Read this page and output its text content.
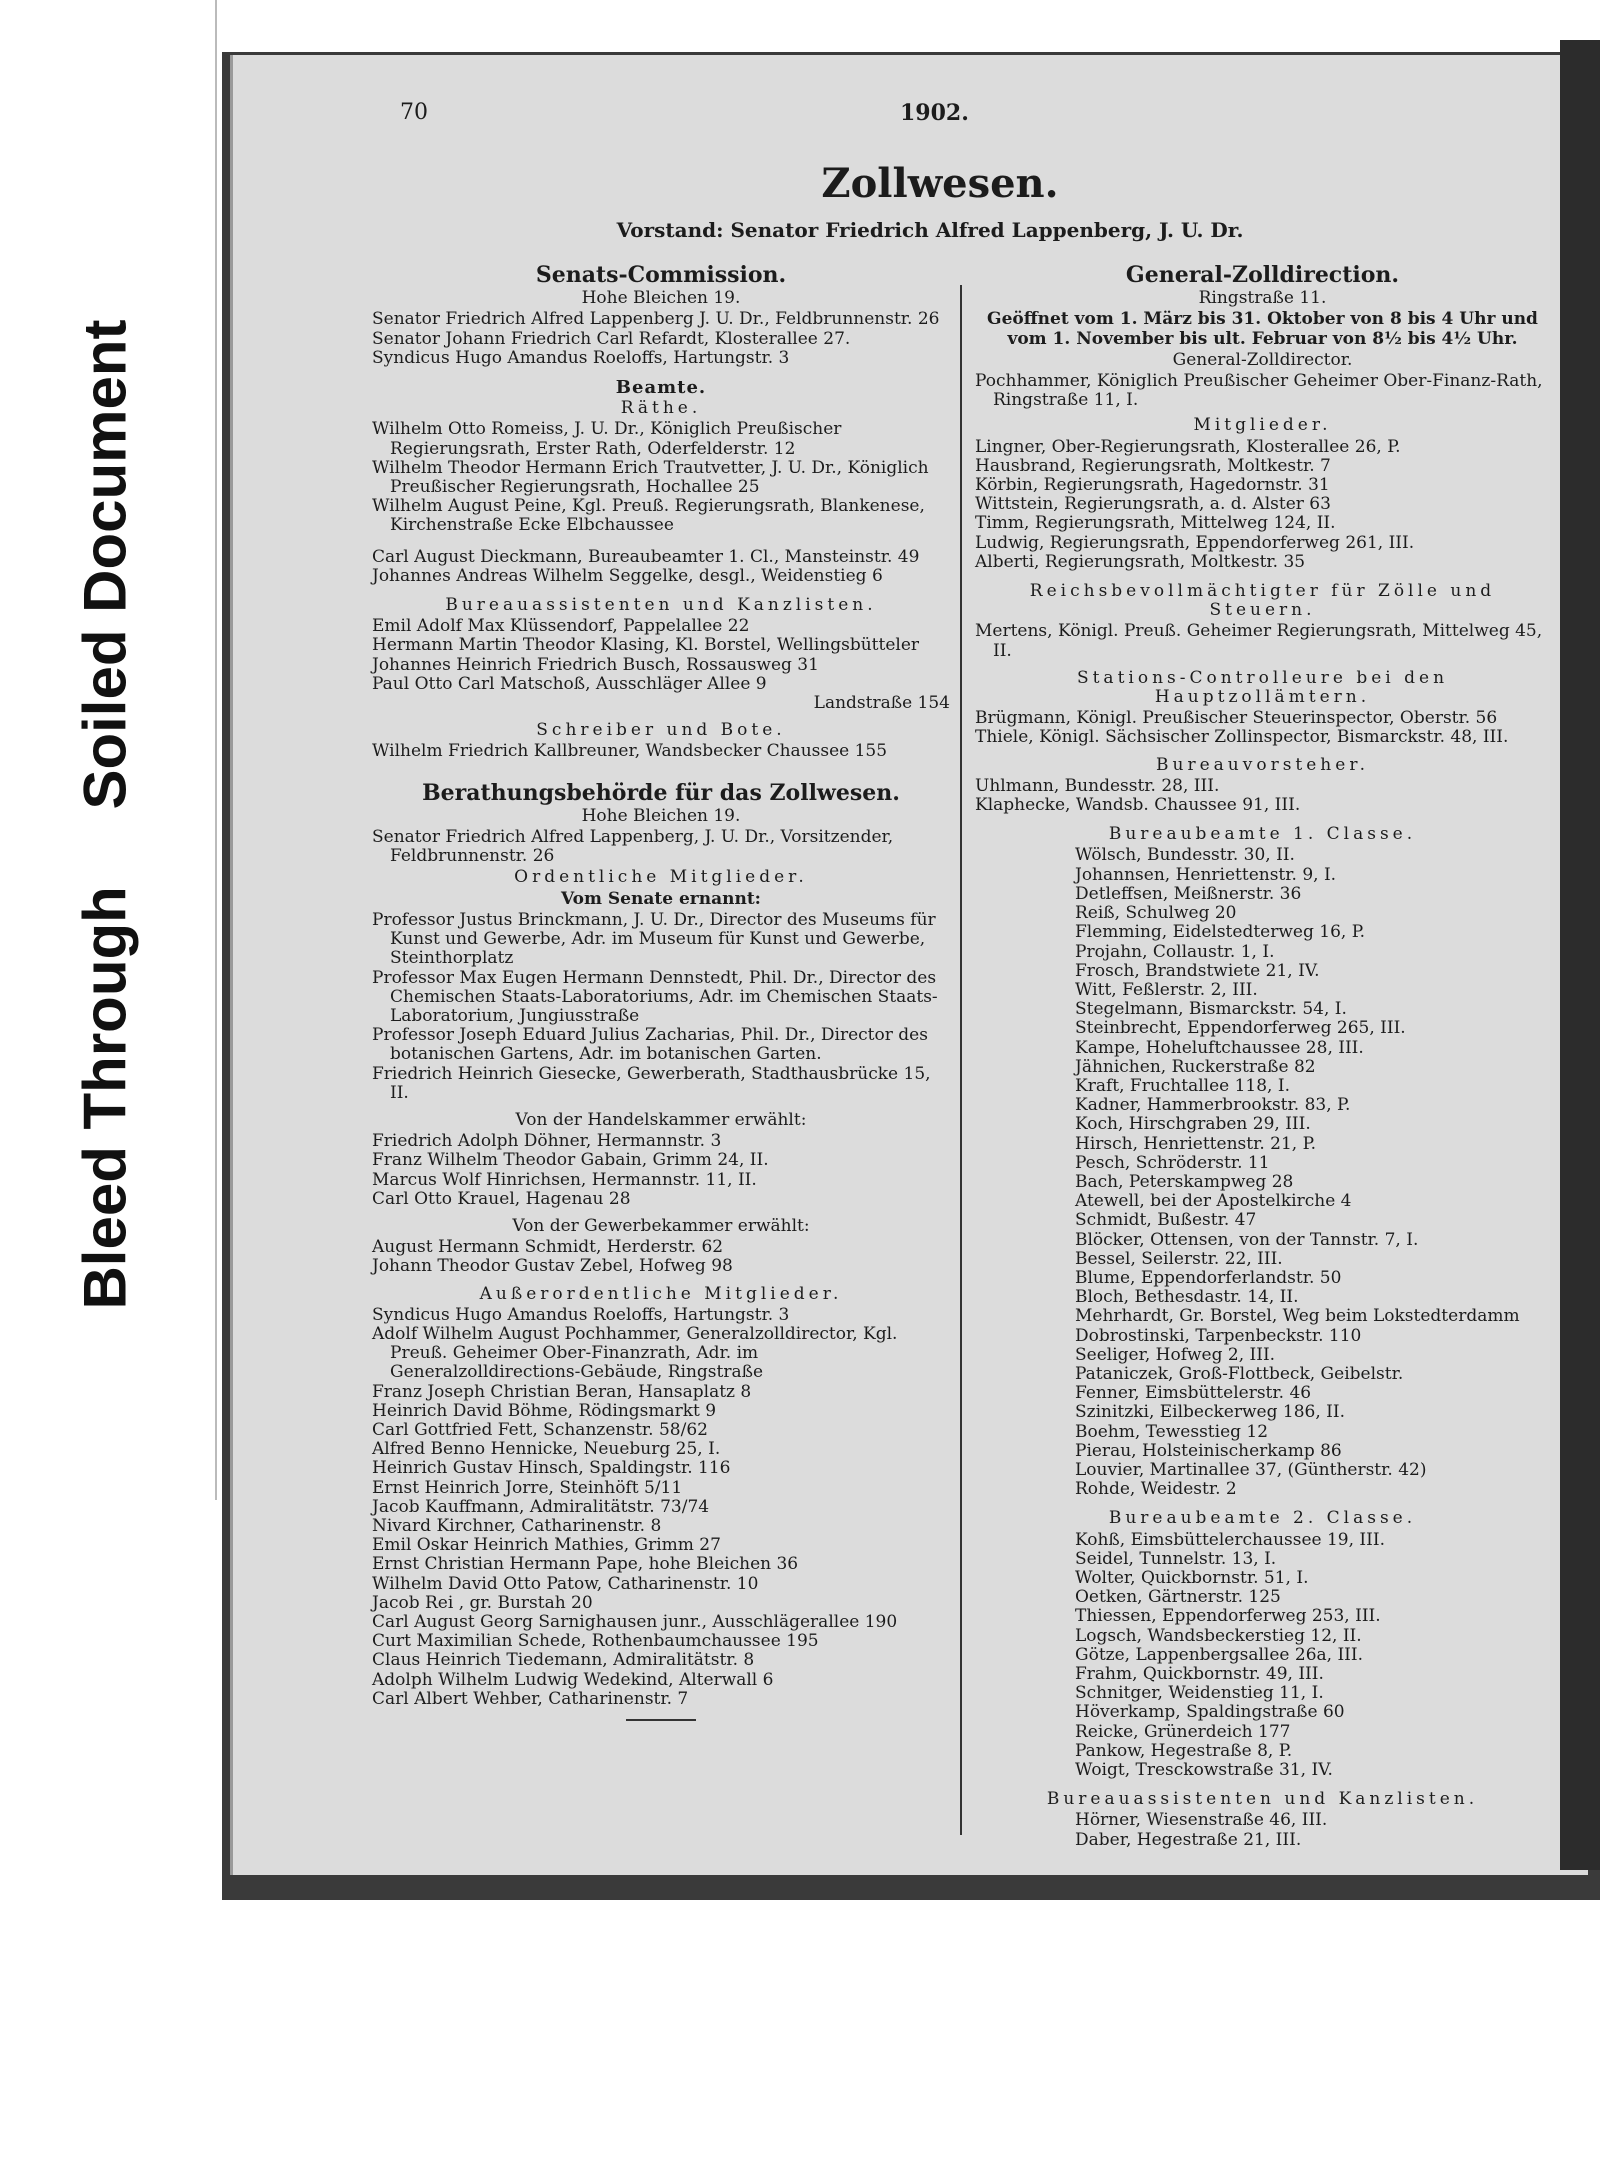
Bleed Through Soiled Document
70	1902.
Zollwesen.
Vorstand: Senator Friedrich Alfred Lappenberg, J. U. Dr.
Senats-Commission.

Hohe Bleichen 19.

Senator Friedrich Alfred Lappenberg J. U. Dr., Feldbrunnenstr. 26

Senator Johann Friedrich Carl Refardt, Klosterallee 27.

Syndicus Hugo Amandus Roeloffs, Hartungstr. 3

Beamte.

Räthe.

Wilhelm Otto Romeiss, J. U. Dr., Königlich Preußischer Regierungsrath, Erster Rath, Oderfelderstr. 12

Wilhelm Theodor Hermann Erich Trautvetter, J. U. Dr., Königlich Preußischer Regierungsrath, Hochallee 25

Wilhelm August Peine, Kgl. Preuß. Regierungsrath, Blankenese, Kirchenstraße Ecke Elbchaussee

Carl August Dieckmann, Bureaubeamter 1. Cl., Mansteinstr. 49

Johannes Andreas Wilhelm Seggelke, desgl., Weidenstieg 6

Bureauassistenten und Kanzlisten.

Emil Adolf Max Klüssendorf, Pappelallee 22

Hermann Martin Theodor Klasing, Kl. Borstel, Wellingsbütteler

Johannes Heinrich Friedrich Busch, Rossausweg 31

Paul Otto Carl Matschoß, Ausschläger Allee 9

Landstraße 154

Schreiber und Bote.

Wilhelm Friedrich Kallbreuner, Wandsbecker Chaussee 155

Berathungsbehörde für das Zollwesen.

Hohe Bleichen 19.

Senator Friedrich Alfred Lappenberg, J. U. Dr., Vorsitzender, Feldbrunnenstr. 26

Ordentliche Mitglieder.

Vom Senate ernannt:

Professor Justus Brinckmann, J. U. Dr., Director des Museums für Kunst und Gewerbe, Adr. im Museum für Kunst und Gewerbe, Steinthorplatz

Professor Max Eugen Hermann Dennstedt, Phil. Dr., Director des Chemischen Staats-Laboratoriums, Adr. im Chemischen Staats-Laboratorium, Jungiusstraße

Professor Joseph Eduard Julius Zacharias, Phil. Dr., Director des botanischen Gartens, Adr. im botanischen Garten.

Friedrich Heinrich Giesecke, Gewerberath, Stadthausbrücke 15, II.

Von der Handelskammer erwählt:

Friedrich Adolph Döhner, Hermannstr. 3

Franz Wilhelm Theodor Gabain, Grimm 24, II.

Marcus Wolf Hinrichsen, Hermannstr. 11, II.

Carl Otto Krauel, Hagenau 28

Von der Gewerbekammer erwählt:

August Hermann Schmidt, Herderstr. 62

Johann Theodor Gustav Zebel, Hofweg 98

Außerordentliche Mitglieder.

Syndicus Hugo Amandus Roeloffs, Hartungstr. 3

Adolf Wilhelm August Pochhammer, Generalzolldirector, Kgl. Preuß. Geheimer Ober-Finanzrath, Adr. im Generalzolldirections-Gebäude, Ringstraße

Franz Joseph Christian Beran, Hansaplatz 8

Heinrich David Böhme, Rödingsmarkt 9

Carl Gottfried Fett, Schanzenstr. 58/62

Alfred Benno Hennicke, Neueburg 25, I.

Heinrich Gustav Hinsch, Spaldingstr. 116

Ernst Heinrich Jorre, Steinhöft 5/11

Jacob Kauffmann, Admiralitätstr. 73/74

Nivard Kirchner, Catharinenstr. 8

Emil Oskar Heinrich Mathies, Grimm 27

Ernst Christian Hermann Pape, hohe Bleichen 36

Wilhelm David Otto Patow, Catharinenstr. 10

Jacob Rei , gr. Burstah 20

Carl August Georg Sarnighausen junr., Ausschlägerallee 190

Curt Maximilian Schede, Rothenbaumchaussee 195

Claus Heinrich Tiedemann, Admiralitätstr. 8

Adolph Wilhelm Ludwig Wedekind, Alterwall 6

Carl Albert Wehber, Catharinenstr. 7

General-Zolldirection.

Ringstraße 11.

Geöffnet vom 1. März bis 31. Oktober von 8 bis 4 Uhr und vom 1. November bis ult. Februar von 8½ bis 4½ Uhr.

General-Zolldirector.

Pochhammer, Königlich Preußischer Geheimer Ober-Finanz-Rath, Ringstraße 11, I.

Mitglieder.

Lingner, Ober-Regierungsrath, Klosterallee 26, P.

Hausbrand, Regierungsrath, Moltkestr. 7

Körbin, Regierungsrath, Hagedornstr. 31

Wittstein, Regierungsrath, a. d. Alster 63

Timm, Regierungsrath, Mittelweg 124, II.

Ludwig, Regierungsrath, Eppendorferweg 261, III.

Alberti, Regierungsrath, Moltkestr. 35

Reichsbevollmächtigter für Zölle und Steuern.

Mertens, Königl. Preuß. Geheimer Regierungsrath, Mittelweg 45, II.

Stations-Controlleure bei den Hauptzollämtern.

Brügmann, Königl. Preußischer Steuerinspector, Oberstr. 56

Thiele, Königl. Sächsischer Zollinspector, Bismarckstr. 48, III.

Bureauvorsteher.

Uhlmann, Bundesstr. 28, III.

Klaphecke, Wandsb. Chaussee 91, III.

Bureaubeamte 1. Classe.

Wölsch, Bundesstr. 30, II.

Johannsen, Henriettenstr. 9, I.

Detleffsen, Meißnerstr. 36

Reiß, Schulweg 20

Flemming, Eidelstedterweg 16, P.

Projahn, Collaustr. 1, I.

Frosch, Brandstwiete 21, IV.

Witt, Feßlerstr. 2, III.

Stegelmann, Bismarckstr. 54, I.

Steinbrecht, Eppendorferweg 265, III.

Kampe, Hoheluftchaussee 28, III.

Jähnichen, Ruckerstraße 82

Kraft, Fruchtallee 118, I.

Kadner, Hammerbrookstr. 83, P.

Koch, Hirschgraben 29, III.

Hirsch, Henriettenstr. 21, P.

Pesch, Schröderstr. 11

Bach, Peterskampweg 28

Atewell, bei der Apostelkirche 4

Schmidt, Bußestr. 47

Blöcker, Ottensen, von der Tannstr. 7, I.

Bessel, Seilerstr. 22, III.

Blume, Eppendorferlandstr. 50

Bloch, Bethesdastr. 14, II.

Mehrhardt, Gr. Borstel, Weg beim Lokstedterdamm

Dobrostinski, Tarpenbeckstr. 110

Seeliger, Hofweg 2, III.

Pataniczek, Groß-Flottbeck, Geibelstr.

Fenner, Eimsbüttelerstr. 46

Szinitzki, Eilbeckerweg 186, II.

Boehm, Tewesstieg 12

Pierau, Holsteinischerkamp 86

Louvier, Martinallee 37, (Güntherstr. 42)

Rohde, Weidestr. 2

Bureaubeamte 2. Classe.

Kohß, Eimsbüttelerchaussee 19, III.

Seidel, Tunnelstr. 13, I.

Wolter, Quickbornstr. 51, I.

Oetken, Gärtnerstr. 125

Thiessen, Eppendorferweg 253, III.

Logsch, Wandsbeckerstieg 12, II.

Götze, Lappenbergsallee 26a, III.

Frahm, Quickbornstr. 49, III.

Schnitger, Weidenstieg 11, I.

Höverkamp, Spaldingstraße 60

Reicke, Grünerdeich 177

Pankow, Hegestraße 8, P.

Woigt, Tresckowstraße 31, IV.

Bureauassistenten und Kanzlisten.

Hörner, Wiesenstraße 46, III.

Daber, Hegestraße 21, III.
